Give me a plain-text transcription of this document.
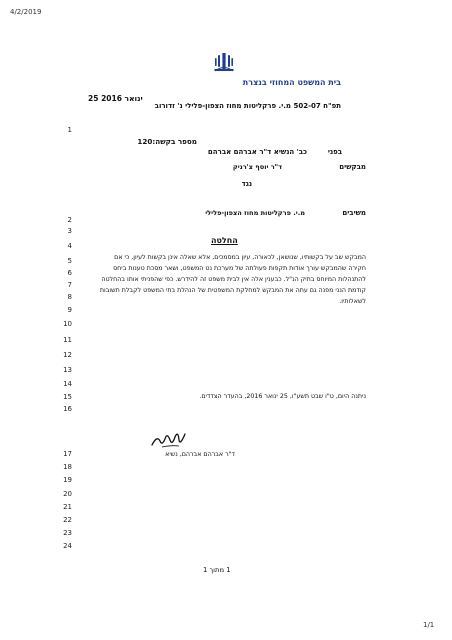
4/2/2019
בית המשפט המחוזי בנצרת
25 ינואר 2016
תפ"ח 502-07 מ.י. פרקליטות מחוז הצפון-פלילי נ' זדורוב
1
2
3
4
5
6
7
8
9
10
11
12
13
14
15
16
17
18
19
20
21
22
23
24
מספר בקשה:120
בפני
כב' הנשיא ד"ר אברהם אברהם
מבקשים
ד"ר יוסף צ'רניק
נגד
משיבים
מ.י. פרקליטות מחוז הצפון-פלילי
החלטה
המבקש שב על בקשותיו, שנושאן, לכאורה, עיון במסמכים, אלא שאלה אינן בקשות לעיון, כי אם
חקירה שהמבקש עורך אודות תקפות פעולתה של מערכת נט המשפט, ושאר מסכת טענות ביחס
להתנהלות המיוחס בתיק הנ"ל. כבענין אלה אין לבית משפט זה להידרש. כפי שהפניתי אותו בהחלטה
קודמת הנני מפנה גם עתה את המבקש למחלקת המשפטית של הנהלת בתי המשפט לקבלת תשובות
לשאלותיו.
ניתנה היום, ט"ו שבט תשע"ו, 25 ינואר 2016, בהעדר הצדדים.
ד"ר אברהם אברהם, נשיא
1 מתוך 1
1/1
